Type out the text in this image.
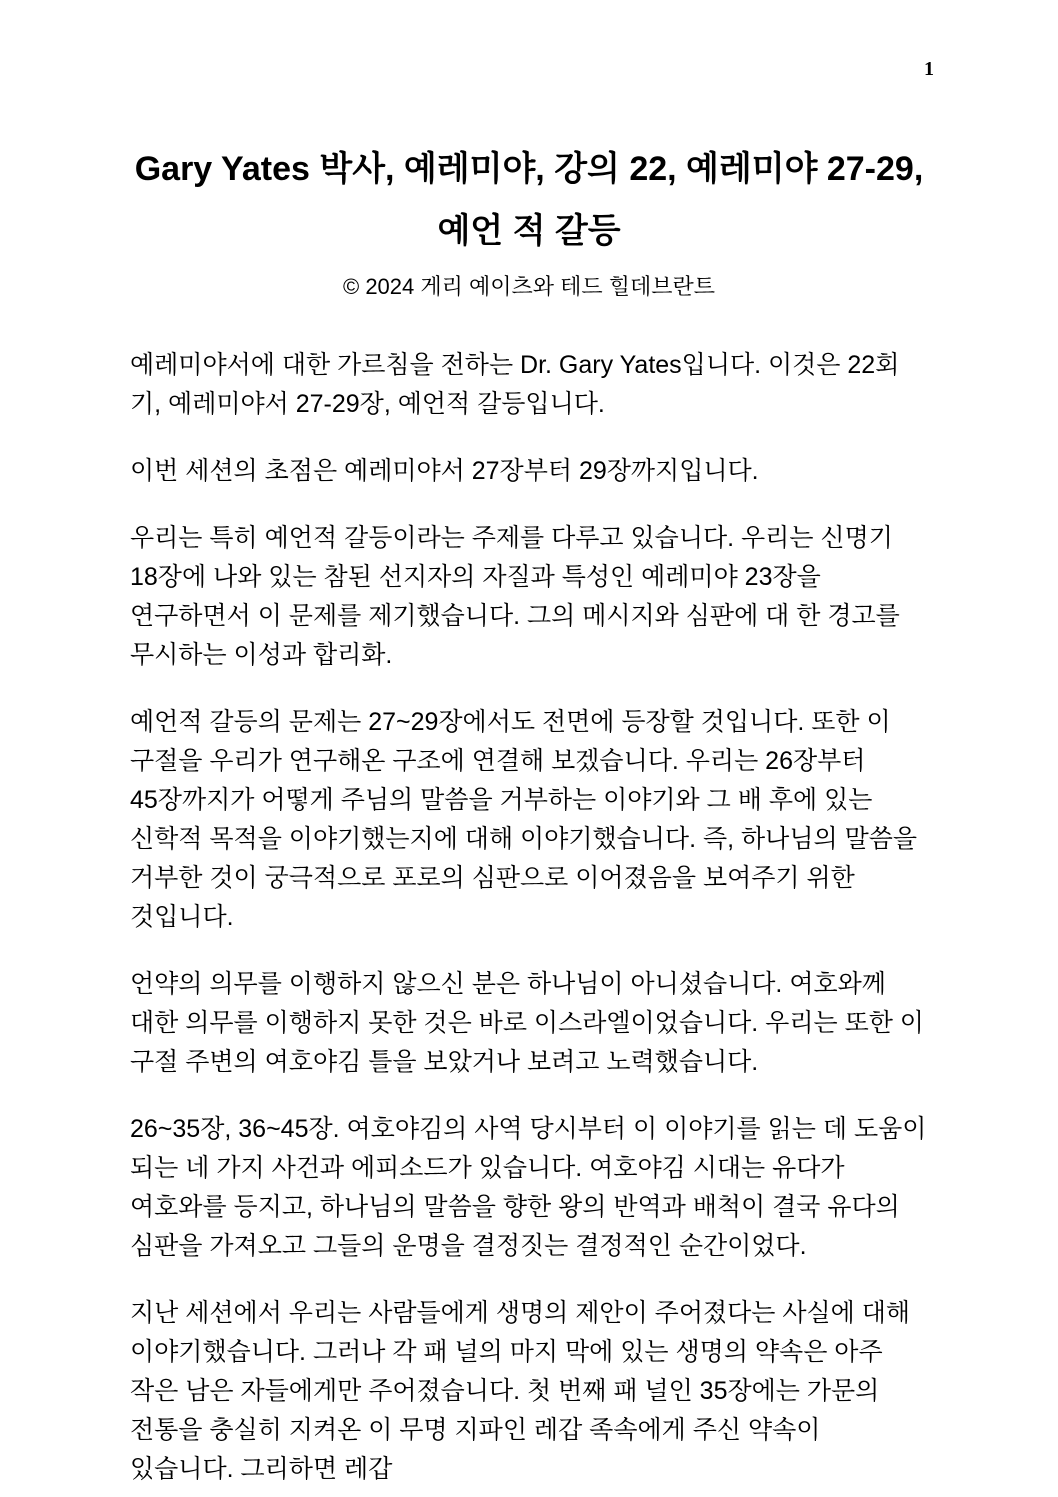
1
Gary Yates 박사, 예레미야, 강의 22, 예레미야 27-29,
예언 적 갈등
© 2024 게리 예이츠와 테드 힐데브란트

예레미야서에 대한 가르침을 전하는 Dr. Gary Yates입니다. 이것은 22회 기, 예레미야서 27-29장, 예언적 갈등입니다.

이번 세션의 초점은 예레미야서 27장부터 29장까지입니다.

우리는 특히 예언적 갈등이라는 주제를 다루고 있습니다. 우리는 신명기 18장에 나와 있는 참된 선지자의 자질과 특성인 예레미야 23장을 연구하면서 이 문제를 제기했습니다. 그의 메시지와 심판에 대 한 경고를 무시하는 이성과 합리화.

예언적 갈등의 문제는 27~29장에서도 전면에 등장할 것입니다. 또한 이 구절을 우리가 연구해온 구조에 연결해 보겠습니다. 우리는 26장부터 45장까지가 어떻게 주님의 말씀을 거부하는 이야기와 그 배 후에 있는 신학적 목적을 이야기했는지에 대해 이야기했습니다. 즉, 하나님의 말씀을 거부한 것이 궁극적으로 포로의 심판으로 이어졌음을 보여주기 위한 것입니다.

언약의 의무를 이행하지 않으신 분은 하나님이 아니셨습니다. 여호와께 대한 의무를 이행하지 못한 것은 바로 이스라엘이었습니다. 우리는 또한 이 구절 주변의 여호야김 틀을 보았거나 보려고 노력했습니다.

26~35장, 36~45장. 여호야김의 사역 당시부터 이 이야기를 읽는 데 도움이 되는 네 가지 사건과 에피소드가 있습니다. 여호야김 시대는 유다가 여호와를 등지고, 하나님의 말씀을 향한 왕의 반역과 배척이 결국 유다의 심판을 가져오고 그들의 운명을 결정짓는 결정적인 순간이었다.

지난 세션에서 우리는 사람들에게 생명의 제안이 주어졌다는 사실에 대해 이야기했습니다. 그러나 각 패 널의 마지 막에 있는 생명의 약속은 아주 작은 남은 자들에게만 주어졌습니다. 첫 번째 패 널인 35장에는 가문의 전통을 충실히 지켜온 이 무명 지파인 레갑 족속에게 주신 약속이 있습니다. 그리하면 레갑
